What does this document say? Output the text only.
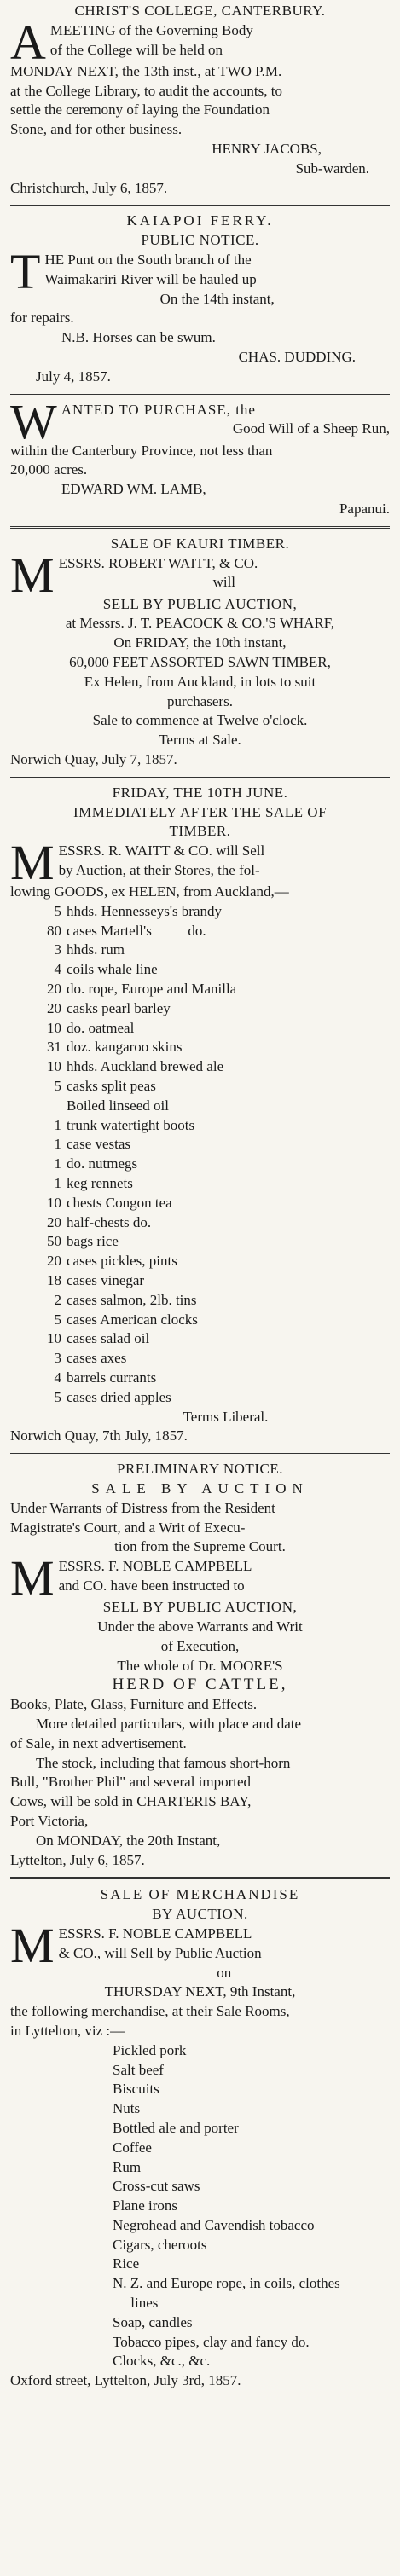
CHRIST'S COLLEGE, CANTERBURY.
A MEETING of the Governing Body
of the College will be held on
MONDAY NEXT, the 13th inst., at TWO P.M.
at the College Library, to audit the accounts, to
settle the ceremony of laying the Foundation
Stone, and for other business.
HENRY JACOBS,
Sub-warden.
Christchurch, July 6, 1857.
KAIAPOI FERRY.
PUBLIC NOTICE.
T HE Punt on the South branch of the
Waimakariri River will be hauled up
On the 14th instant,
for repairs.
N.B. Horses can be swum.
CHAS. DUDDING.
July 4, 1857.
W ANTED TO PURCHASE, the
Good Will of a Sheep Run,
within the Canterbury Province, not less than
20,000 acres.
EDWARD WM. LAMB,
Papanui.
SALE OF KAURI TIMBER.
M ESSRS. ROBERT WAITT, & CO.
will
SELL BY PUBLIC AUCTION,
at Messrs. J. T. PEACOCK & CO.'S WHARF,
On FRIDAY, the 10th instant,
60,000 FEET ASSORTED SAWN TIMBER,
Ex Helen, from Auckland, in lots to suit
purchasers.
Sale to commence at Twelve o'clock.
Terms at Sale.
Norwich Quay, July 7, 1857.
FRIDAY, THE 10TH JUNE.
IMMEDIATELY AFTER THE SALE OF
TIMBER.
M ESSRS. R. WAITT & CO. will Sell
by Auction, at their Stores, the fol-
lowing GOODS, ex HELEN, from Auckland,—
5 hhds. Hennesseys's brandy
80 cases Martell's          do.
3 hhds. rum
4 coils whale line
20 do. rope, Europe and Manilla
20 casks pearl barley
10 do. oatmeal
31 doz. kangaroo skins
10 hhds. Auckland brewed ale
5 casks split peas
Boiled linseed oil
1 trunk watertight boots
1 case vestas
1 do. nutmegs
1 keg rennets
10 chests Congon tea
20 half-chests do.
50 bags rice
20 cases pickles, pints
18 cases vinegar
2 cases salmon, 2lb. tins
5 cases American clocks
10 cases salad oil
3 cases axes
4 barrels currants
5 cases dried apples
Terms Liberal.
Norwich Quay, 7th July, 1857.
PRELIMINARY NOTICE.
SALE BY AUCTION
Under Warrants of Distress from the Resident
Magistrate's Court, and a Writ of Execu-
tion from the Supreme Court.
M ESSRS. F. NOBLE CAMPBELL
and CO. have been instructed to
SELL BY PUBLIC AUCTION,
Under the above Warrants and Writ
of Execution,
The whole of Dr. MOORE'S
HERD OF CATTLE,
Books, Plate, Glass, Furniture and Effects.
More detailed particulars, with place and date
of Sale, in next advertisement.
The stock, including that famous short-horn
Bull, "Brother Phil" and several imported
Cows, will be sold in CHARTERIS BAY,
Port Victoria,
On MONDAY, the 20th Instant,
Lyttelton, July 6, 1857.
SALE OF MERCHANDISE
BY AUCTION.
M ESSRS. F. NOBLE CAMPBELL
& CO., will Sell by Public Auction
on
THURSDAY NEXT, 9th Instant,
the following merchandise, at their Sale Rooms,
in Lyttelton, viz :—
Pickled pork
Salt beef
Biscuits
Nuts
Bottled ale and porter
Coffee
Rum
Cross-cut saws
Plane irons
Negrohead and Cavendish tobacco
Cigars, cheroots
Rice
N. Z. and Europe rope, in coils, clothes
lines
Soap, candles
Tobacco pipes, clay and fancy do.
Clocks, &c., &c.
Oxford street, Lyttelton, July 3rd, 1857.
